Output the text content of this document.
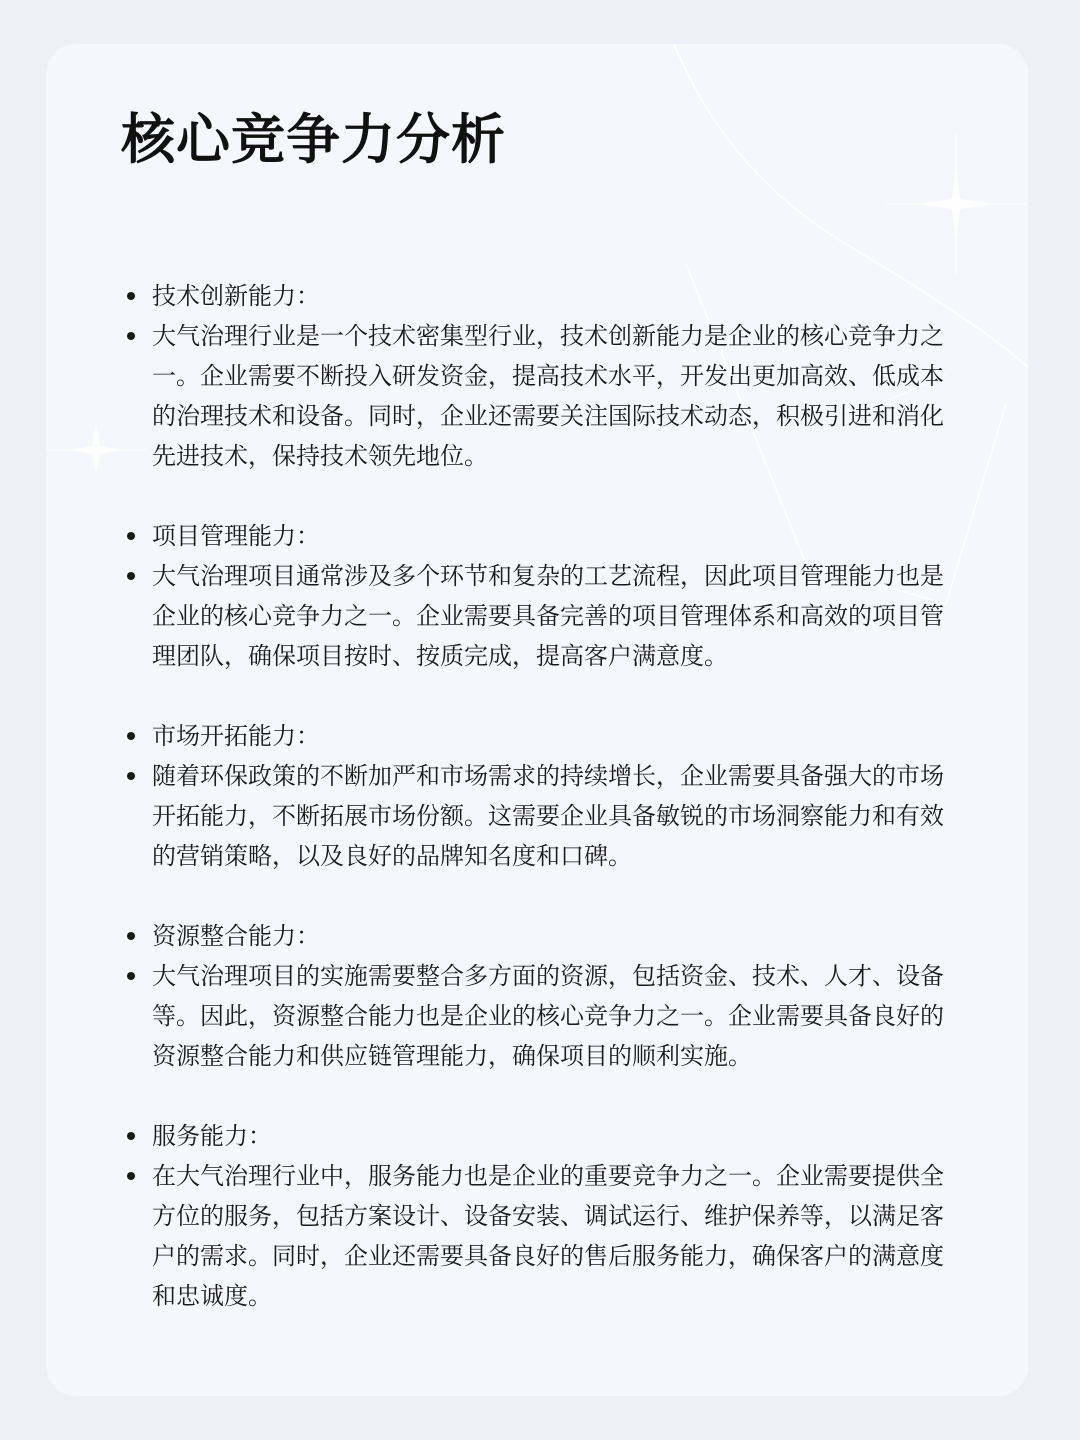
核心竞争力分析
技术创新能力：
大气治理行业是一个技术密集型行业，技术创新能力是企业的核心竞争力之一。企业需要不断投入研发资金，提高技术水平，开发出更加高效、低成本的治理技术和设备。同时，企业还需要关注国际技术动态，积极引进和消化先进技术，保持技术领先地位。
项目管理能力：
大气治理项目通常涉及多个环节和复杂的工艺流程，因此项目管理能力也是企业的核心竞争力之一。企业需要具备完善的项目管理体系和高效的项目管理团队，确保项目按时、按质完成，提高客户满意度。
市场开拓能力：
随着环保政策的不断加严和市场需求的持续增长，企业需要具备强大的市场开拓能力，不断拓展市场份额。这需要企业具备敏锐的市场洞察能力和有效的营销策略，以及良好的品牌知名度和口碑。
资源整合能力：
大气治理项目的实施需要整合多方面的资源，包括资金、技术、人才、设备等。因此，资源整合能力也是企业的核心竞争力之一。企业需要具备良好的资源整合能力和供应链管理能力，确保项目的顺利实施。
服务能力：
在大气治理行业中，服务能力也是企业的重要竞争力之一。企业需要提供全方位的服务，包括方案设计、设备安装、调试运行、维护保养等，以满足客户的需求。同时，企业还需要具备良好的售后服务能力，确保客户的满意度和忠诚度。
